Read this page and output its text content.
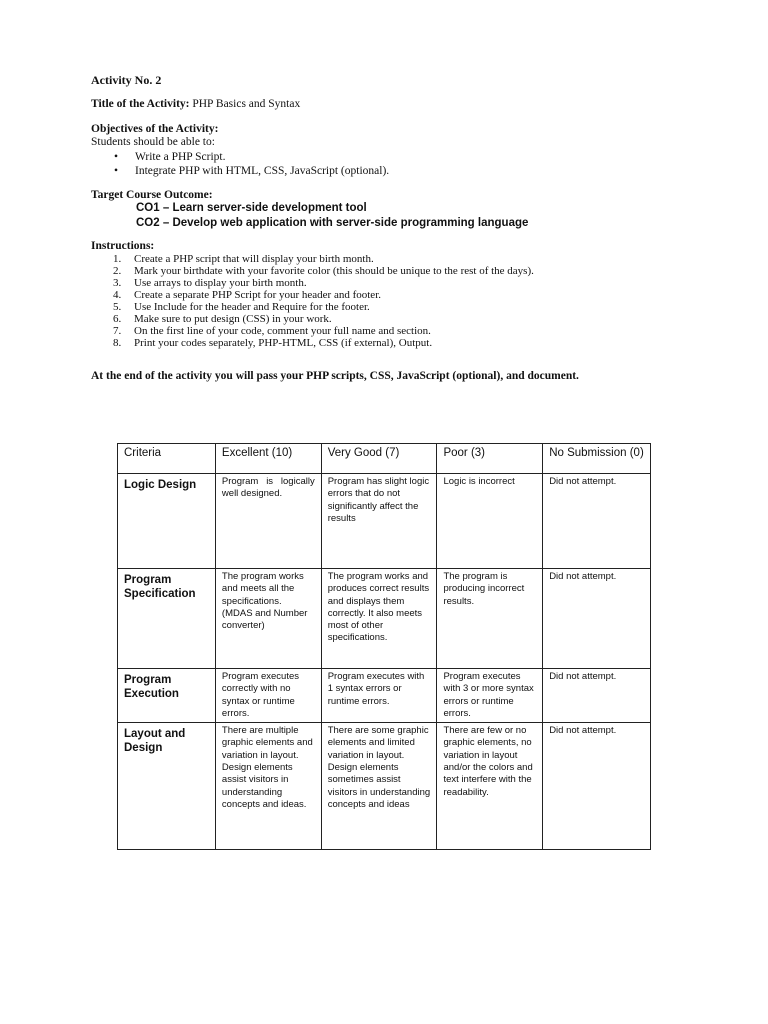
Activity No. 2
Title of the Activity: PHP Basics and Syntax
Objectives of the Activity:
Students should be able to:
• Write a PHP Script.
• Integrate PHP with HTML, CSS, JavaScript (optional).
Target Course Outcome:
CO1 – Learn server-side development tool
CO2 – Develop web application with server-side programming language
Instructions:
1. Create a PHP script that will display your birth month.
2. Mark your birthdate with your favorite color (this should be unique to the rest of the days).
3. Use arrays to display your birth month.
4. Create a separate PHP Script for your header and footer.
5. Use Include for the header and Require for the footer.
6. Make sure to put design (CSS) in your work.
7. On the first line of your code, comment your full name and section.
8. Print your codes separately, PHP-HTML, CSS (if external), Output.
At the end of the activity you will pass your PHP scripts, CSS, JavaScript (optional), and document.
Criteria	Excellent (10)	Very Good (7)	Poor (3)	No Submission (0)
Logic Design	Program is logically well designed.	Program has slight logic errors that do not significantly affect the results	Logic is incorrect	Did not attempt.
Program Specification	The program works and meets all the specifications. (MDAS and Number converter)	The program works and produces correct results and displays them correctly. It also meets most of other specifications.	The program is producing incorrect results.	Did not attempt.
Program Execution	Program executes correctly with no syntax or runtime errors.	Program executes with 1 syntax errors or runtime errors.	Program executes with 3 or more syntax errors or runtime errors.	Did not attempt.
Layout and Design	There are multiple graphic elements and variation in layout. Design elements assist visitors in understanding concepts and ideas.	There are some graphic elements and limited variation in layout. Design elements sometimes assist visitors in understanding concepts and ideas	There are few or no graphic elements, no variation in layout and/or the colors and text interfere with the readability.	Did not attempt.
